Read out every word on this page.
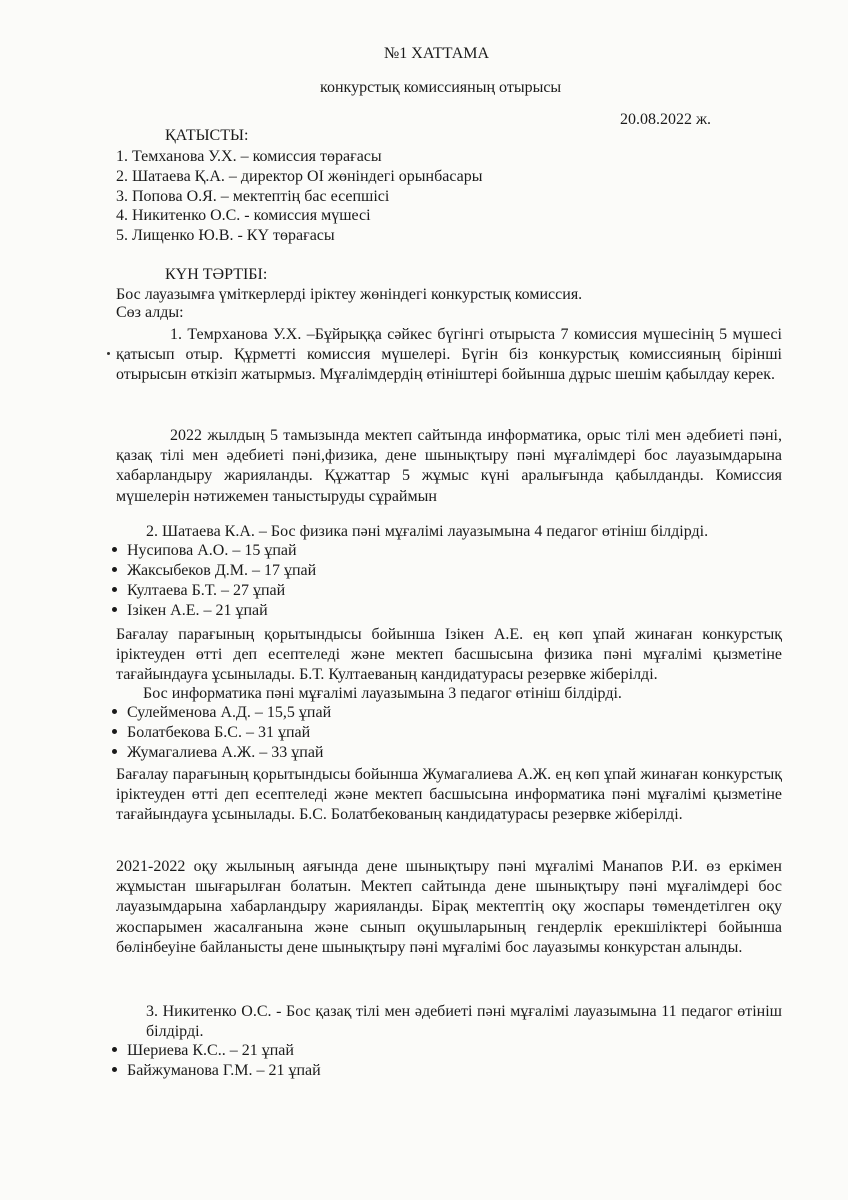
№1 ХАТТАМА
конкурстық комиссияның отырысы
20.08.2022 ж.
ҚАТЫСТЫ:
1. Темханова У.Х. – комиссия төрағасы
2. Шатаева Қ.А. – директор ОІ жөніндегі орынбасары
3. Попова О.Я. – мектептің бас есепшісі
4. Никитенко О.С. - комиссия мүшесі
5. Лищенко Ю.В. - КҮ төрағасы
КҮН ТӘРТІБІ:
Бос лауазымға үміткерлерді іріктеу жөніндегі конкурстық комиссия.
Сөз алды:
1. Темрханова У.Х. –Бұйрыққа сәйкес бүгінгі отырыста 7 комиссия мүшесінің 5 мүшесі қатысып отыр. Құрметті комиссия мүшелері. Бүгін біз конкурстық комиссияның бірінші отырысын өткізіп жатырмыз. Мұғалімдердің өтініштері бойынша дұрыс шешім қабылдау керек.
2022 жылдың 5 тамызында мектеп сайтында информатика, орыс тілі мен әдебиеті пәні, қазақ тілі мен әдебиеті пәні,физика, дене шынықтыру пәні мұғалімдері бос лауазымдарына хабарландыру жарияланды. Құжаттар 5 жұмыс күні аралығында қабылданды. Комиссия мүшелерін нәтижемен таныстыруды сұраймын
2. Шатаева К.А. – Бос физика пәні мұғалімі лауазымына 4 педагог өтініш білдірді.
Нусипова А.О. – 15 ұпай
Жаксыбеков Д.М. – 17 ұпай
Култаева Б.Т. – 27 ұпай
Ізікен А.Е. – 21 ұпай
Бағалау парағының қорытындысы бойынша Ізікен А.Е. ең көп ұпай жинаған конкурстық іріктеуден өтті деп есептеледі және мектеп басшысына физика пәні мұғалімі қызметіне тағайындауға ұсынылады. Б.Т. Култаеваның кандидатурасы резервке жіберілді.
Бос информатика пәні мұғалімі лауазымына 3 педагог өтініш білдірді.
Сулейменова А.Д. – 15,5 ұпай
Болатбекова Б.С. – 31 ұпай
Жумагалиева А.Ж. – 33 ұпай
Бағалау парағының қорытындысы бойынша Жумагалиева А.Ж. ең көп ұпай жинаған конкурстық іріктеуден өтті деп есептеледі және мектеп басшысына информатика пәні мұғалімі қызметіне тағайындауға ұсынылады. Б.С. Болатбекованың кандидатурасы резервке жіберілді.
2021-2022 оқу жылының аяғында дене шынықтыру пәні мұғалімі Манапов Р.И. өз еркімен жұмыстан шығарылған болатын. Мектеп сайтында дене шынықтыру пәні мұғалімдері бос лауазымдарына хабарландыру жарияланды. Бірақ мектептің оқу жоспары төмендетілген оқу жоспарымен жасалғанына және сынып оқушыларының гендерлік ерекшіліктері бойынша бөлінбеуіне байланысты дене шынықтыру пәні мұғалімі бос лауазымы конкурстан алынды.
3. Никитенко О.С. - Бос қазақ тілі мен әдебиеті пәні мұғалімі лауазымына 11 педагог өтініш білдірді.
Шериева К.С.. – 21 ұпай
Байжуманова Г.М. – 21 ұпай
